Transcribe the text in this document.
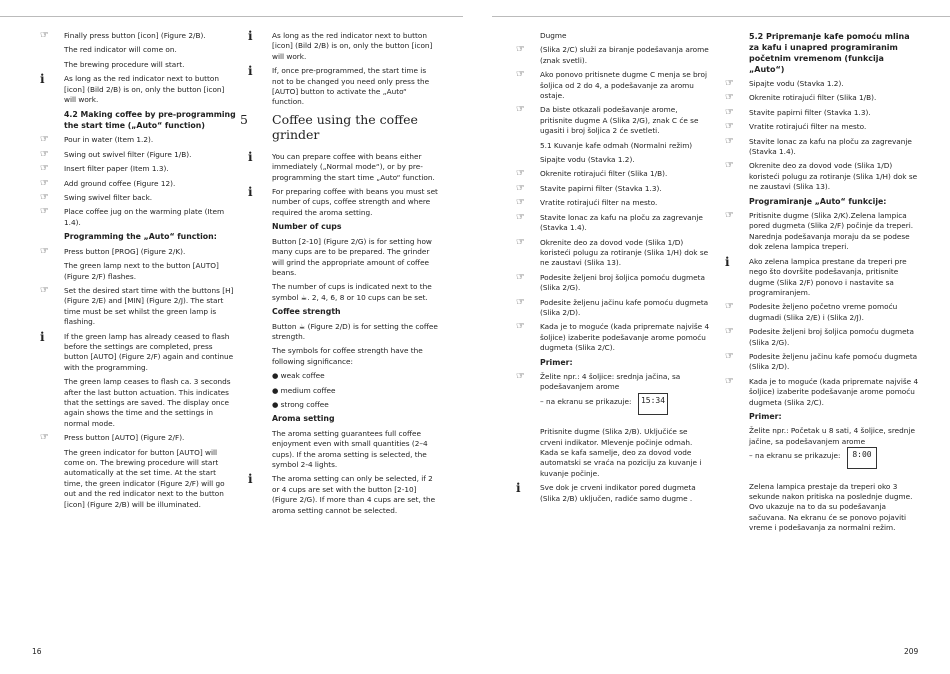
☞	Finally press button [icon] (Figure 2/B).
The red indicator will come on.
The brewing procedure will start.
i	As long as the red indicator next to button [icon] (Bild 2/B) is on, only the button [icon] will work.
4.2 Making coffee by pre-programming the start time („Auto“ function)
☞	Pour in water (Item 1.2).
☞	Swing out swivel filter (Figure 1/B).
☞	Insert filter paper (Item 1.3).
☞	Add ground coffee (Figure 12).
☞	Swing swivel filter back.
☞	Place coffee jug on the warming plate (Item 1.4).
Programming the „Auto“ function:
☞	Press button [PROG] (Figure 2/K).
The green lamp next to the button [AUTO] (Figure 2/F) flashes.
☞	Set the desired start time with the buttons [H] (Figure 2/E) and [MIN] (Figure 2/J). The start time must be set whilst the green lamp is flashing.
i	If the green lamp has already ceased to flash before the settings are completed, press button [AUTO] (Figure 2/F) again and continue with the programming.
The green lamp ceases to flash ca. 3 seconds after the last button actuation. This indicates that the settings are saved. The display once again shows the time and the settings in normal mode.
☞	Press button [AUTO] (Figure 2/F).
The green indicator for button [AUTO] will come on. The brewing procedure will start automatically at the set time. At the start time, the green indicator (Figure 2/F) will go out and the red indicator next to the button [icon] (Figure 2/B) will be illuminated.
i	As long as the red indicator next to button [icon] (Bild 2/B) is on, only the button [icon] will work.
i	If, once pre-programmed, the start time is not to be changed you need only press the [AUTO] button to activate the „Auto“ function.
5 Coffee using the coffee grinder
i	You can prepare coffee with beans either immediately („Normal mode“), or by pre-programming the start time „Auto“ function.
i	For preparing coffee with beans you must set number of cups, coffee strength and where required the aroma setting.
Number of cups
Button [2-10] (Figure 2/G) is for setting how many cups are to be prepared. The grinder will grind the appropriate amount of coffee beans.
The number of cups is indicated next to the symbol ☕. 2, 4, 6, 8 or 10 cups can be set.
Coffee strength
Button ☕ (Figure 2/D) is for setting the coffee strength.
The symbols for coffee strength have the following significance:
● weak coffee
● medium coffee
● strong coffee
Aroma setting
The aroma setting guarantees full coffee enjoyment even with small quantities (2–4 cups). If the aroma setting is selected, the symbol 2-4 lights.
i	The aroma setting can only be selected, if 2 or 4 cups are set with the button [2-10] (Figure 2/G). If more than 4 cups are set, the aroma setting cannot be selected.
16
Dugme
☞	(Slika 2/C) služi za biranje podešavanja arome (znak svetli).
☞	Ako ponovo pritisnete dugme C menja se broj šoljica od 2 do 4, a podešavanje za aromu ostaje.
☞	Da biste otkazali podešavanje arome, pritisnite dugme A (Slika 2/G), znak C će se ugasiti i broj šoljica 2 će svetleti.
5.1 Kuvanje kafe odmah (Normalni režim)
Sipajte vodu (Stavka 1.2).
☞	Okrenite rotirajući filter (Slika 1/B).
☞	Stavite papirni filter (Stavka 1.3).
☞	Vratite rotirajući filter na mesto.
☞	Stavite lonac za kafu na ploču za zagrevanje (Stavka 1.4).
☞	Okrenite deo za dovod vode (Slika 1/D) koristeći polugu za rotiranje (Slika 1/H) dok se ne zaustavi (Slika 13).
☞	Podesite željeni broj šoljica pomoću dugmeta (Slika 2/G).
☞	Podesite željenu jačinu kafe pomoću dugmeta (Slika 2/D).
☞	Kada je to moguće (kada pripremate najviše 4 šoljice) izaberite podešavanje arome pomoću dugmeta (Slika 2/C).
Primer:
☞	Želite npr.: 4 šoljice: srednja jačina, sa podešavanjem arome
– na ekranu se prikazuje:	15:34
Pritisnite dugme (Slika 2/B). Uključiće se crveni indikator. Mlevenje počinje odmah. Kada se kafa samelje, deo za dovod vode automatski se vraća na poziciju za kuvanje i kuvanje počinje.
i	Sve dok je crveni indikator pored dugmeta (Slika 2/B) uključen, radiće samo dugme .
5.2 Pripremanje kafe pomoću mlina za kafu i unapred programiranim početnim vremenom (funkcija „Auto“)
☞	Sipajte vodu (Stavka 1.2).
☞	Okrenite rotirajući filter (Slika 1/B).
☞	Stavite papirni filter (Stavka 1.3).
☞	Vratite rotirajući filter na mesto.
☞	Stavite lonac za kafu na ploču za zagrevanje (Stavka 1.4).
☞	Okrenite deo za dovod vode (Slika 1/D) koristeći polugu za rotiranje (Slika 1/H) dok se ne zaustavi (Slika 13).
Programiranje „Auto“ funkcije:
☞	Pritisnite dugme (Slika 2/K).Zelena lampica pored dugmeta (Slika 2/F) počinje da treperi. Narednja podešavanja moraju da se podese dok zelena lampica treperi.
i	Ako zelena lampica prestane da treperi pre nego što dovršite podešavanja, pritisnite dugme (Slika 2/F) ponovo i nastavite sa programiranjem.
☞	Podesite željeno početno vreme pomoću dugmadi (Slika 2/E) i (Slika 2/J).
☞	Podesite željeni broj šoljica pomoću dugmeta (Slika 2/G).
☞	Podesite željenu jačinu kafe pomoću dugmeta (Slika 2/D).
☞	Kada je to moguće (kada pripremate najviše 4 šoljice) izaberite podešavanje arome pomoću dugmeta (Slika 2/C).
Primer:
Želite npr.: Početak u 8 sati, 4 šoljice, srednje jačine, sa podešavanjem arome
– na ekranu se prikazuje:	8:00
Zelena lampica prestaje da treperi oko 3 sekunde nakon pritiska na poslednje dugme. Ovo ukazuje na to da su podešavanja sačuvana. Na ekranu će se ponovo pojaviti vreme i podešavanja za normalni režim.
209
